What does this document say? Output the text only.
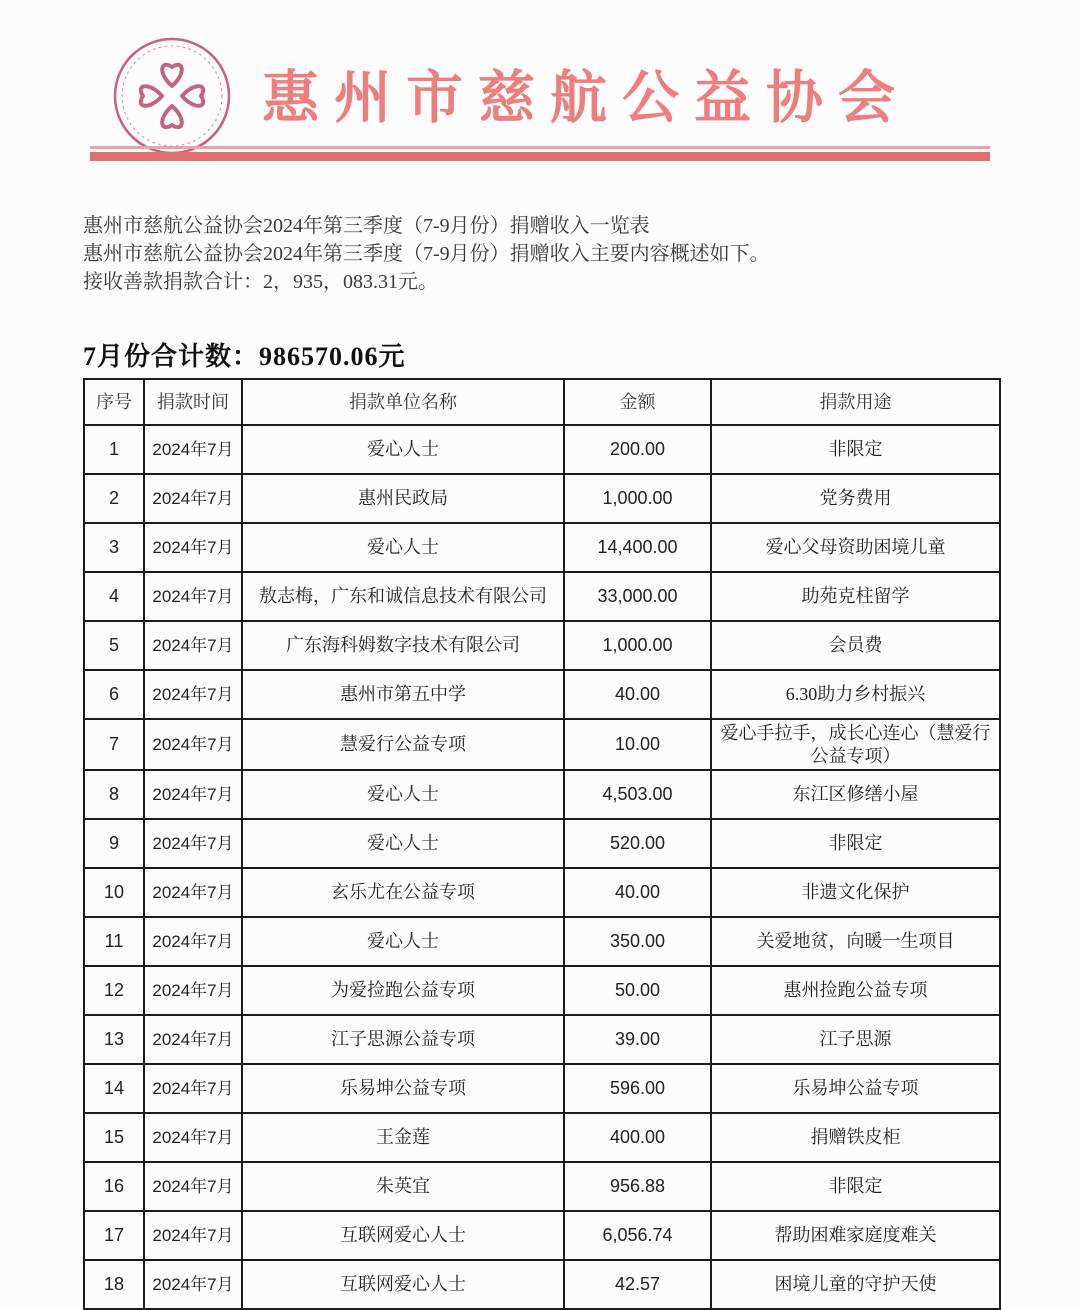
惠州市慈航公益协会
惠州市慈航公益协会2024年第三季度（7-9月份）捐赠收入一览表
惠州市慈航公益协会2024年第三季度（7-9月份）捐赠收入主要内容概述如下。
接收善款捐款合计：2，935，083.31元。
7月份合计数：986570.06元
序号	捐款时间	捐款单位名称	金额	捐款用途
1	2024年7月	爱心人士	200.00	非限定
2	2024年7月	惠州民政局	1,000.00	党务费用
3	2024年7月	爱心人士	14,400.00	爱心父母资助困境儿童
4	2024年7月	敖志梅，广东和诚信息技术有限公司	33,000.00	助苑克柱留学
5	2024年7月	广东海科姆数字技术有限公司	1,000.00	会员费
6	2024年7月	惠州市第五中学	40.00	6.30助力乡村振兴
7	2024年7月	慧爱行公益专项	10.00	爱心手拉手，成长心连心（慧爱行公益专项）
8	2024年7月	爱心人士	4,503.00	东江区修缮小屋
9	2024年7月	爱心人士	520.00	非限定
10	2024年7月	玄乐尤在公益专项	40.00	非遗文化保护
11	2024年7月	爱心人士	350.00	关爱地贫，向暖一生项目
12	2024年7月	为爱捡跑公益专项	50.00	惠州捡跑公益专项
13	2024年7月	江子思源公益专项	39.00	江子思源
14	2024年7月	乐易坤公益专项	596.00	乐易坤公益专项
15	2024年7月	王金莲	400.00	捐赠铁皮柜
16	2024年7月	朱英宜	956.88	非限定
17	2024年7月	互联网爱心人士	6,056.74	帮助困难家庭度难关
18	2024年7月	互联网爱心人士	42.57	困境儿童的守护天使
